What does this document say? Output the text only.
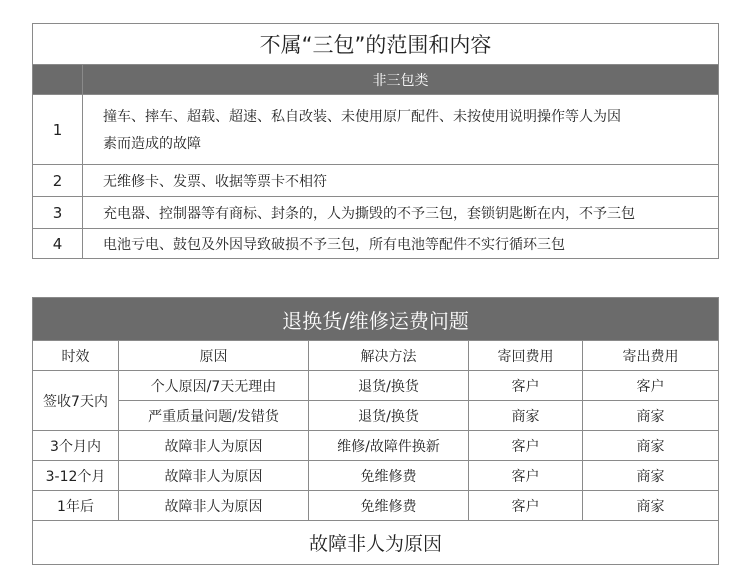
不属“三包”的范围和内容	
	非三包类
1	撞车、摔车、超载、超速、私自改装、未使用原厂配件、未按使用说明操作等人为因
素而造成的故障

2	无维修卡、发票、收据等票卡不相符
3	充电器、控制器等有商标、封条的，人为撕毁的不予三包，套锁钥匙断在内，不予三包
4	电池亏电、鼓包及外因导致破损不予三包，所有电池等配件不实行循环三包
退换货/维修运费问题				
时效	原因	解决方法	寄回费用	寄出费用
签收7天内	个人原因/7天无理由	退货/换货	客户	客户
	严重质量问题/发错货	退货/换货	商家	商家
3个月内	故障非人为原因	维修/故障件换新	客户	商家
3-12个月	故障非人为原因	免维修费	客户	商家
1年后	故障非人为原因	免维修费	客户	商家
故障非人为原因				
